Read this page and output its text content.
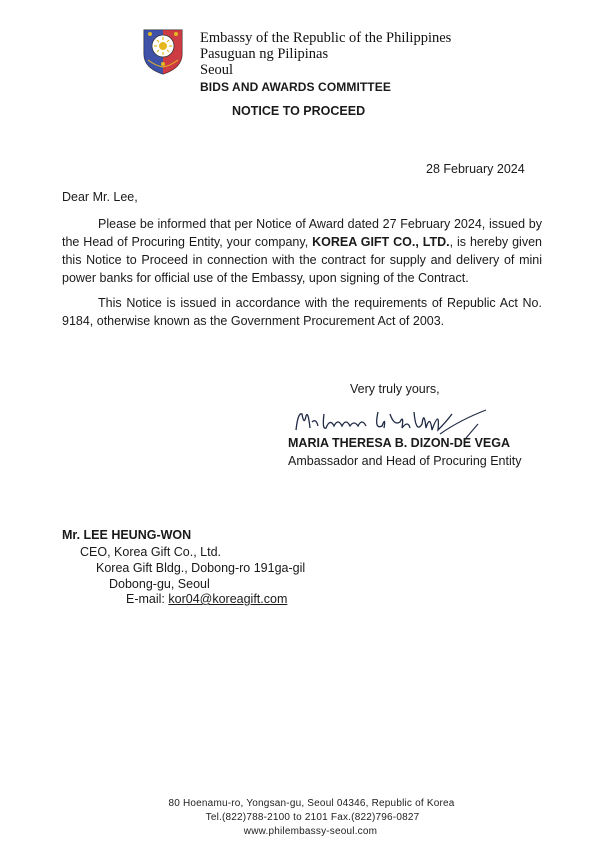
Embassy of the Republic of the Philippines
Pasuguan ng Pilipinas
Seoul
BIDS AND AWARDS COMMITTEE
NOTICE TO PROCEED
28 February 2024
Dear Mr. Lee,
Please be informed that per Notice of Award dated 27 February 2024, issued by the Head of Procuring Entity, your company, KOREA GIFT CO., LTD., is hereby given this Notice to Proceed in connection with the contract for supply and delivery of mini power banks for official use of the Embassy, upon signing of the Contract.
This Notice is issued in accordance with the requirements of Republic Act No. 9184, otherwise known as the Government Procurement Act of 2003.
Very truly yours,
MARIA THERESA B. DIZON-DE VEGA
Ambassador and Head of Procuring Entity
Mr. LEE HEUNG-WON
CEO, Korea Gift Co., Ltd.
Korea Gift Bldg., Dobong-ro 191ga-gil
Dobong-gu, Seoul
E-mail: kor04@koreagift.com
80 Hoenamu-ro, Yongsan-gu, Seoul 04346, Republic of Korea
Tel.(822)788-2100 to 2101 Fax.(822)796-0827
www.philembassy-seoul.com
